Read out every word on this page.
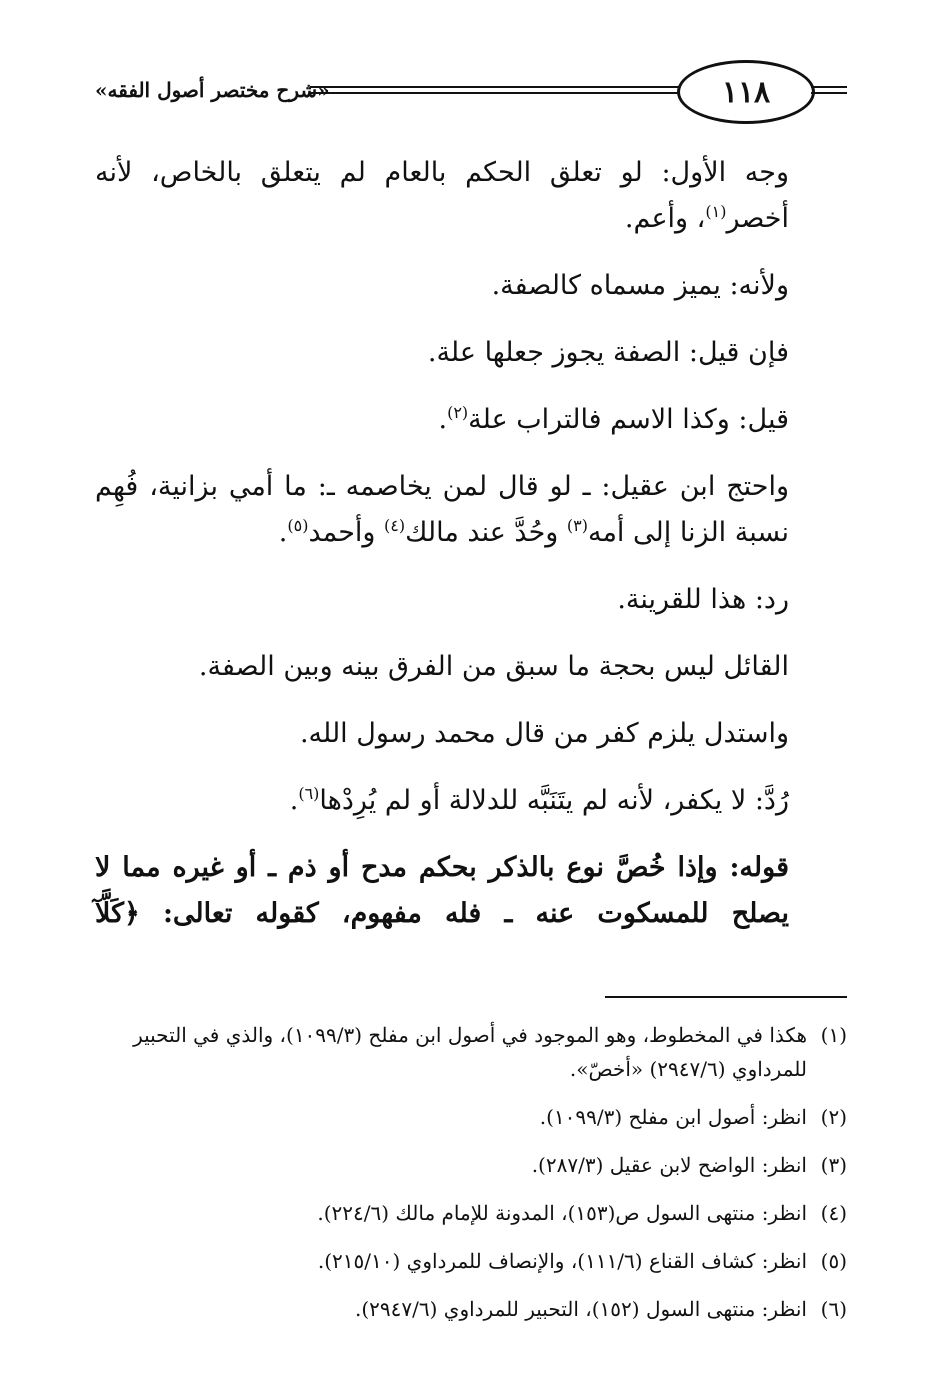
«شرح مختصر أصول الفقه»	١١٨

وجه الأول: لو تعلق الحكم بالعام لم يتعلق بالخاص، لأنه أخصر$^{(١)}$، وأعم.

ولأنه: يميز مسماه كالصفة.

فإن قيل: الصفة يجوز جعلها علة.

قيل: وكذا الاسم فالتراب علة$^{(٢)}$.

واحتج ابن عقيل: ـ لو قال لمن يخاصمه ـ: ما أمي بزانية، فُهِم نسبة الزنا إلى أمه$^{(٣)}$ وحُدَّ عند مالك$^{(٤)}$ وأحمد$^{(٥)}$.

رد: هذا للقرينة.

القائل ليس بحجة ما سبق من الفرق بينه وبين الصفة.

واستدل يلزم كفر من قال محمد رسول الله.

رُدَّ: لا يكفر، لأنه لم يتَنَبَّه للدلالة أو لم يُرِدْها$^{(٦)}$.

قوله: وإذا خُصَّ نوع بالذكر بحكم مدح أو ذم ـ أو غيره مما لا يصلح للمسكوت عنه ـ فله مفهوم، كقوله تعالى: ﴿كَلَّآ

(١)
هكذا في المخطوط، وهو الموجود في أصول ابن مفلح (١٠٩٩/٣)، والذي في التحبير للمرداوي (٢٩٤٧/٦) «أخصّ».
(٢)
انظر: أصول ابن مفلح (١٠٩٩/٣).
(٣)
انظر: الواضح لابن عقيل (٢٨٧/٣).
(٤)
انظر: منتهى السول ص(١٥٣)، المدونة للإمام مالك (٢٢٤/٦).
(٥)
انظر: كشاف القناع (١١١/٦)، والإنصاف للمرداوي (٢١٥/١٠).
(٦)
انظر: منتهى السول (١٥٢)، التحبير للمرداوي (٢٩٤٧/٦).
